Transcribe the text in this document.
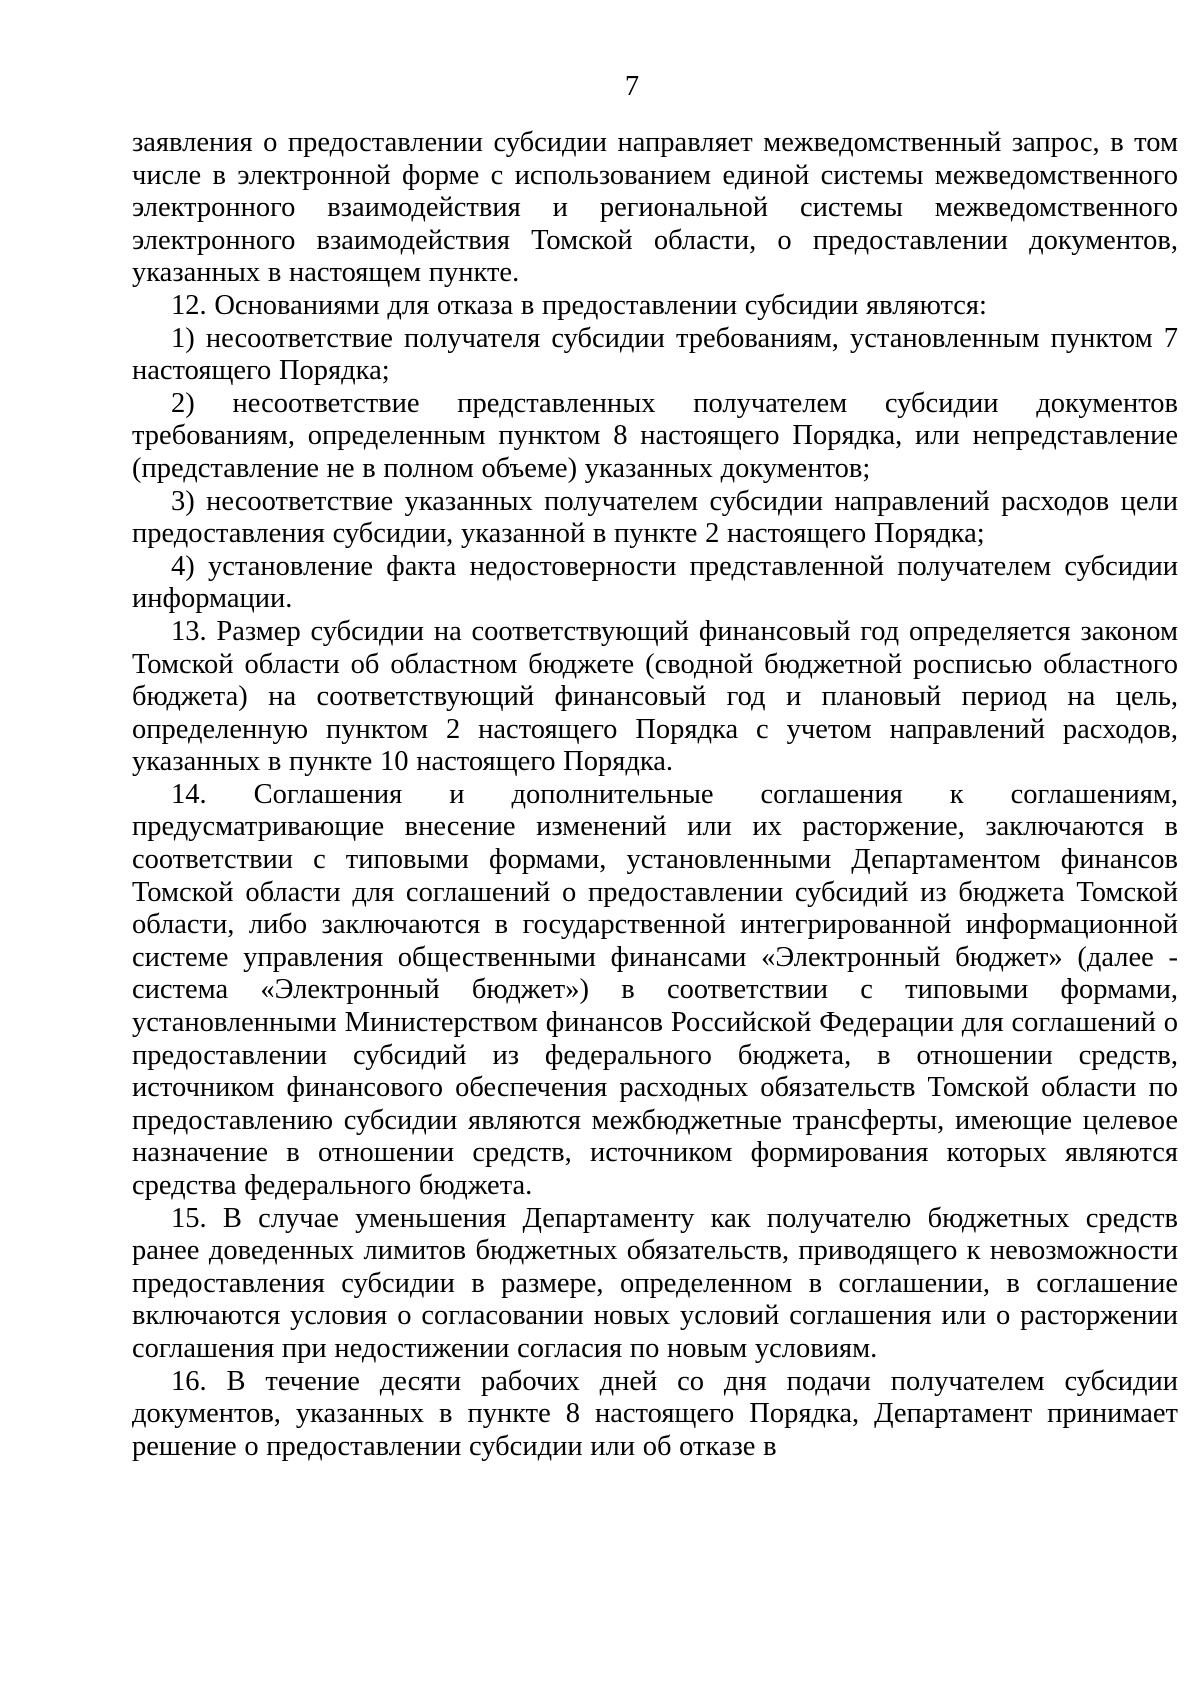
7

заявления о предоставлении субсидии направляет межведомственный запрос, в том числе в электронной форме с использованием единой системы межведомственного электронного взаимодействия и региональной системы межведомственного электронного взаимодействия Томской области, о предоставлении документов, указанных в настоящем пункте.

12. Основаниями для отказа в предоставлении субсидии являются:

1) несоответствие получателя субсидии требованиям, установленным пунктом 7 настоящего Порядка;

2) несоответствие представленных получателем субсидии документов требованиям, определенным пунктом 8 настоящего Порядка, или непредставление (представление не в полном объеме) указанных документов;

3) несоответствие указанных получателем субсидии направлений расходов цели предоставления субсидии, указанной в пункте 2 настоящего Порядка;

4) установление факта недостоверности представленной получателем субсидии информации.

13. Размер субсидии на соответствующий финансовый год определяется законом Томской области об областном бюджете (сводной бюджетной росписью областного бюджета) на соответствующий финансовый год и плановый период на цель, определенную пунктом 2 настоящего Порядка с учетом направлений расходов, указанных в пункте 10 настоящего Порядка.

14. Соглашения и дополнительные соглашения к соглашениям, предусматривающие внесение изменений или их расторжение, заключаются в соответствии с типовыми формами, установленными Департаментом финансов Томской области для соглашений о предоставлении субсидий из бюджета Томской области, либо заключаются в государственной интегрированной информационной системе управления общественными финансами «Электронный бюджет» (далее - система «Электронный бюджет») в соответствии с типовыми формами, установленными Министерством финансов Российской Федерации для соглашений о предоставлении субсидий из федерального бюджета, в отношении средств, источником финансового обеспечения расходных обязательств Томской области по предоставлению субсидии являются межбюджетные трансферты, имеющие целевое назначение в отношении средств, источником формирования которых являются средства федерального бюджета.

15. В случае уменьшения Департаменту как получателю бюджетных средств ранее доведенных лимитов бюджетных обязательств, приводящего к невозможности предоставления субсидии в размере, определенном в соглашении, в соглашение включаются условия о согласовании новых условий соглашения или о расторжении соглашения при недостижении согласия по новым условиям.

16. В течение десяти рабочих дней со дня подачи получателем субсидии документов, указанных в пункте 8 настоящего Порядка, Департамент принимает решение о предоставлении субсидии или об отказе в
